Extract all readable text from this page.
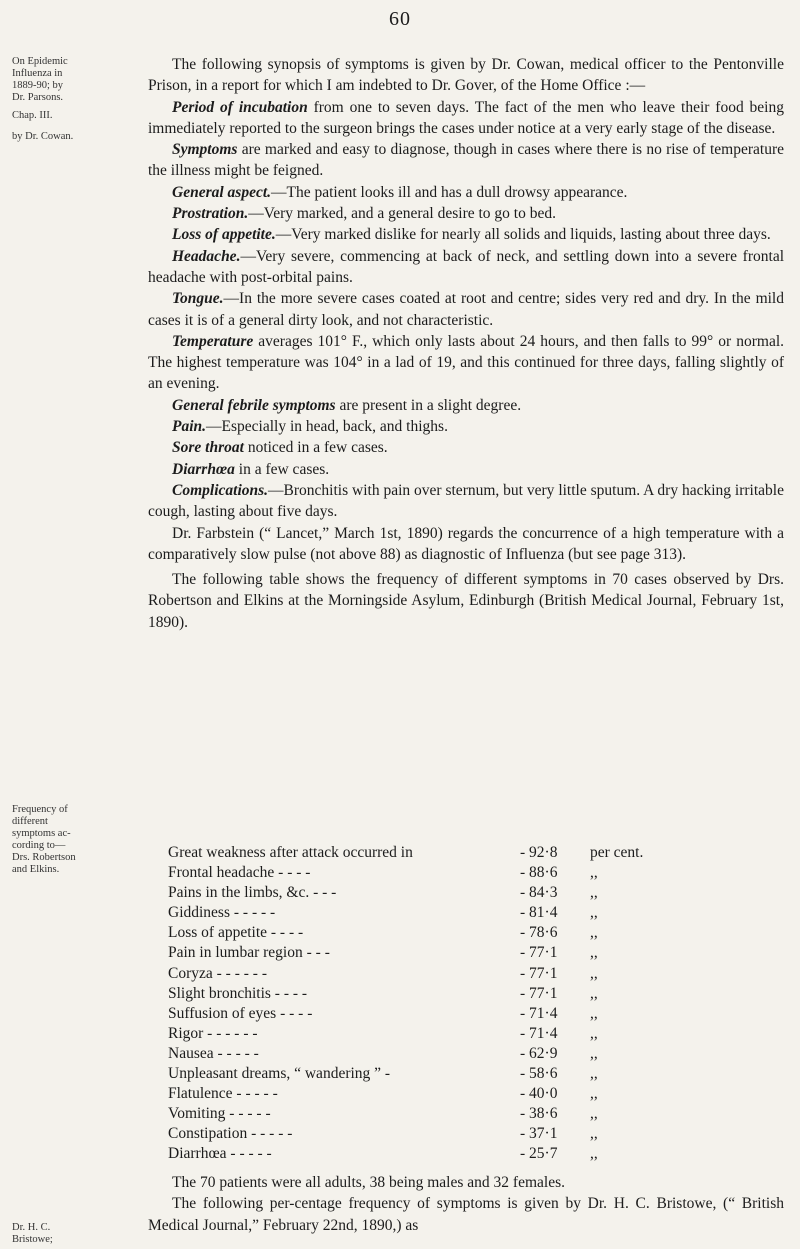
60
On Epidemic
Influenza in
1889-90; by
Dr. Parsons.
Chap. III.
by Dr. Cowan.
Frequency of
different
symptoms ac-
cording to—
Drs. Robertson
and Elkins.
Dr. H. C.
Bristowe;

The following synopsis of symptoms is given by Dr. Cowan, medical officer to the Pentonville Prison, in a report for which I am indebted to Dr. Gover, of the Home Office :—

Period of incubation from one to seven days. The fact of the men who leave their food being immediately reported to the surgeon brings the cases under notice at a very early stage of the disease.

Symptoms are marked and easy to diagnose, though in cases where there is no rise of temperature the illness might be feigned.

General aspect.—The patient looks ill and has a dull drowsy appearance.

Prostration.—Very marked, and a general desire to go to bed.

Loss of appetite.—Very marked dislike for nearly all solids and liquids, lasting about three days.

Headache.—Very severe, commencing at back of neck, and settling down into a severe frontal headache with post-orbital pains.

Tongue.—In the more severe cases coated at root and centre; sides very red and dry. In the mild cases it is of a general dirty look, and not characteristic.

Temperature averages 101° F., which only lasts about 24 hours, and then falls to 99° or normal. The highest temperature was 104° in a lad of 19, and this continued for three days, falling slightly of an evening.

General febrile symptoms are present in a slight degree.

Pain.—Especially in head, back, and thighs.

Sore throat noticed in a few cases.

Diarrhœa in a few cases.

Complications.—Bronchitis with pain over sternum, but very little sputum. A dry hacking irritable cough, lasting about five days.

Dr. Farbstein (“ Lancet,” March 1st, 1890) regards the concurrence of a high temperature with a comparatively slow pulse (not above 88) as diagnostic of Influenza (but see page 313).

The following table shows the frequency of different symptoms in 70 cases observed by Drs. Robertson and Elkins at the Morningside Asylum, Edinburgh (British Medical Journal, February 1st, 1890).

Great weakness after attack occurred in	- 92·8	per cent.
Frontal headache - - - -	- 88·6	,,
Pains in the limbs, &c. - - -	- 84·3	,,
Giddiness - - - - -	- 81·4	,,
Loss of appetite - - - -	- 78·6	,,
Pain in lumbar region - - -	- 77·1	,,
Coryza - - - - - -	- 77·1	,,
Slight bronchitis - - - -	- 77·1	,,
Suffusion of eyes - - - -	- 71·4	,,
Rigor - - - - - -	- 71·4	,,
Nausea - - - - -	- 62·9	,,
Unpleasant dreams, “ wandering ” -	- 58·6	,,
Flatulence - - - - -	- 40·0	,,
Vomiting - - - - -	- 38·6	,,
Constipation - - - - -	- 37·1	,,
Diarrhœa - - - - -	- 25·7	,,

The 70 patients were all adults, 38 being males and 32 females.

The following per-centage frequency of symptoms is given by Dr. H. C. Bristowe, (“ British Medical Journal,” February 22nd, 1890,) as
